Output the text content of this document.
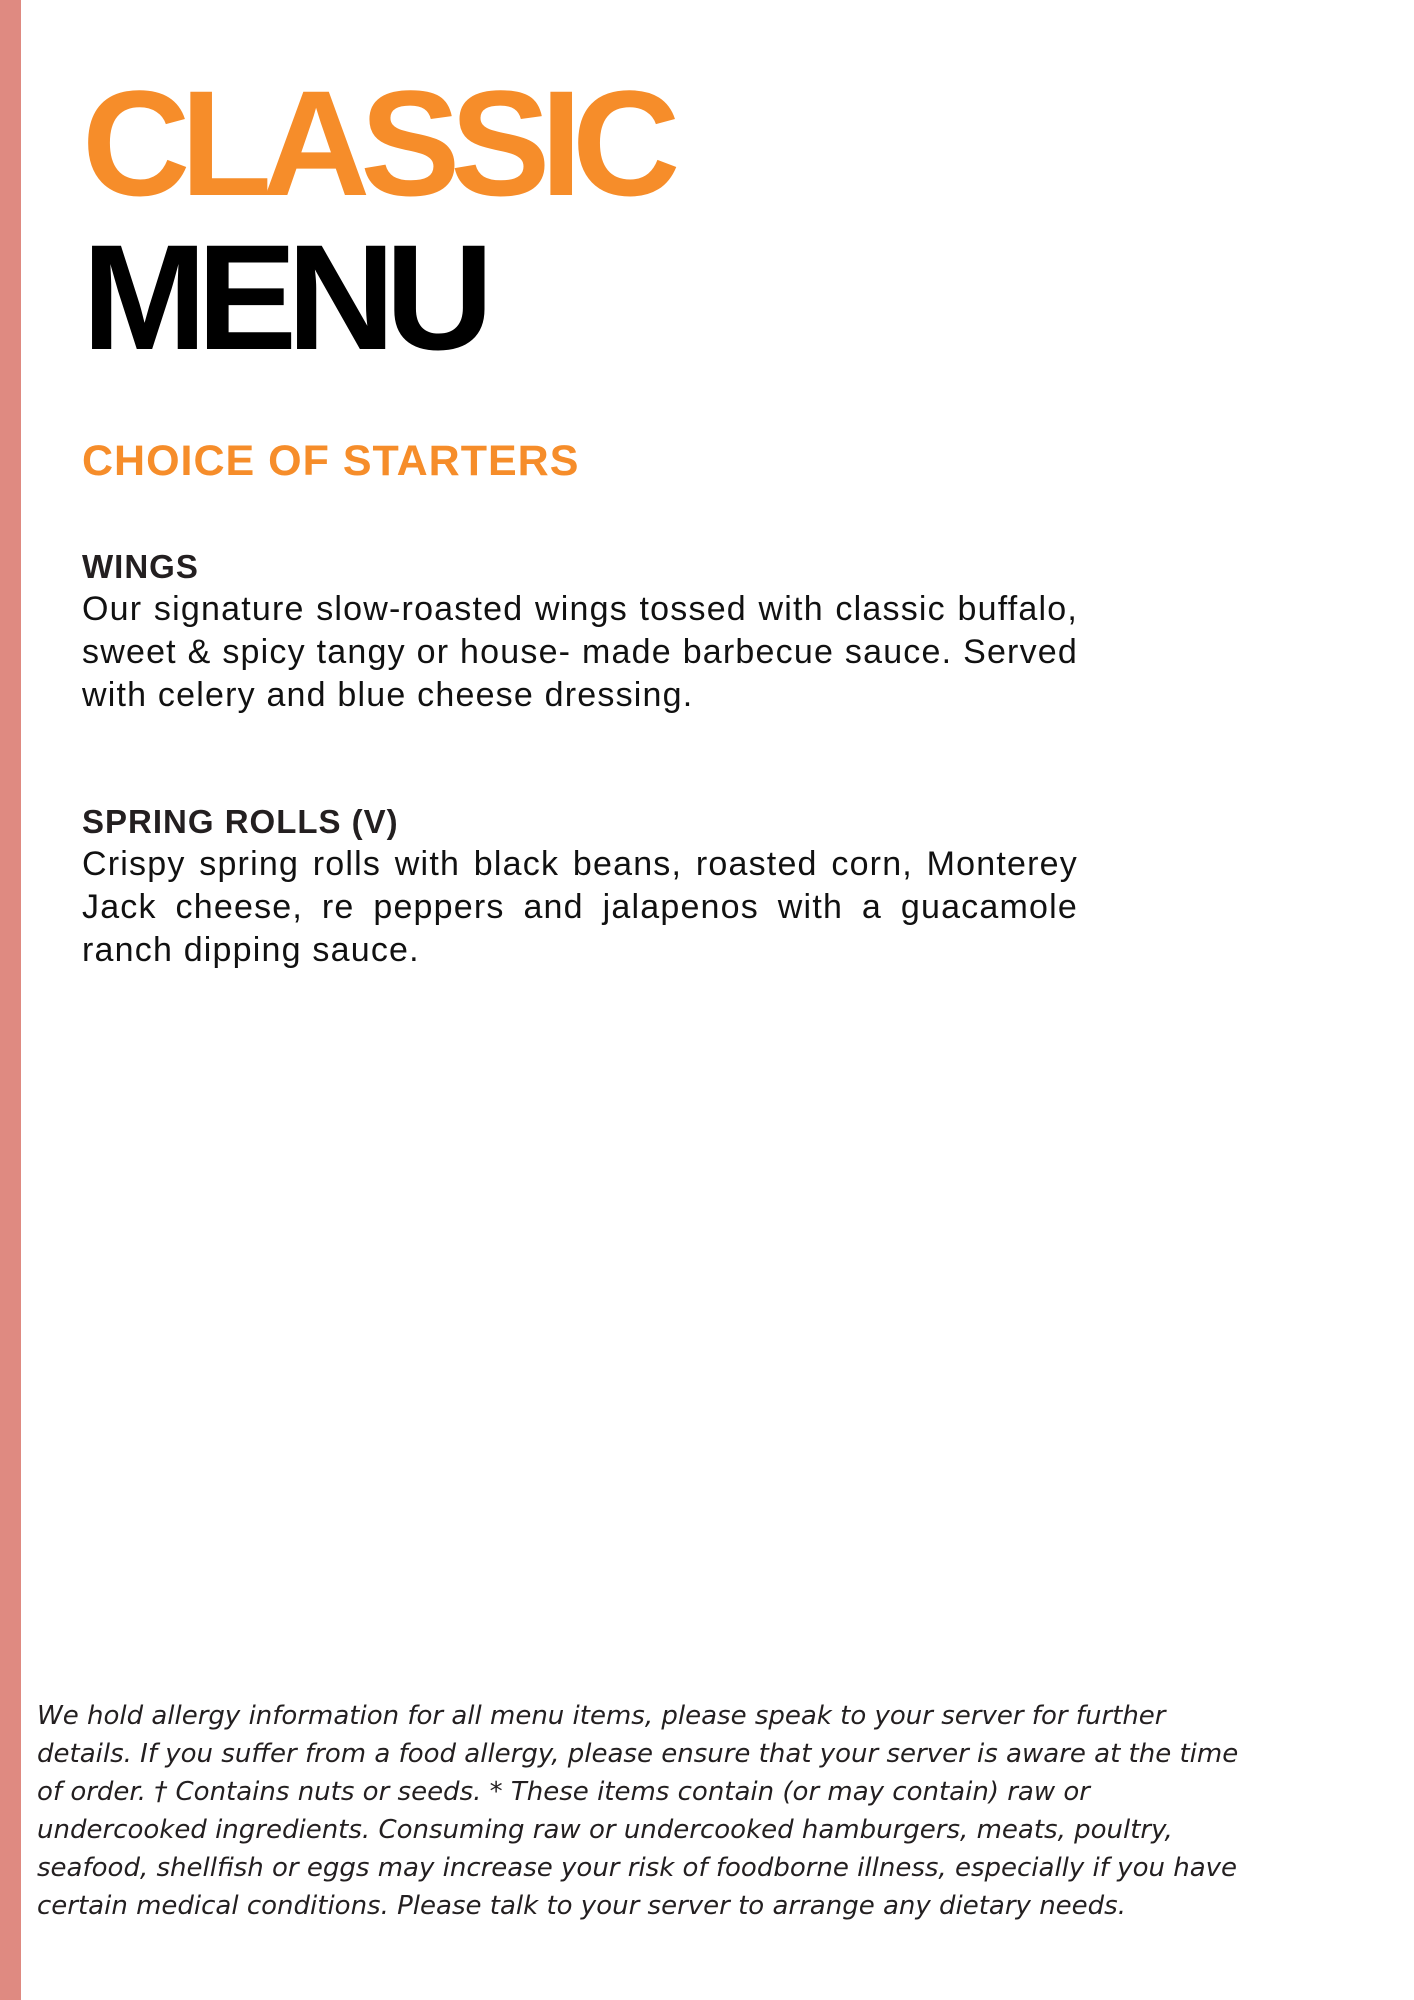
CLASSIC
MENU
CHOICE OF STARTERS
WINGS

Our signature slow-roasted wings tossed with classic buffalo, sweet & spicy tangy or house- made barbecue sauce. Served with celery and blue cheese dressing.

SPRING ROLLS (V)

Crispy spring rolls with black beans, roasted corn, Monterey Jack cheese, re peppers and jalapenos with a guacamole ranch dipping sauce.

We hold allergy information for all menu items, please speak to your server for further
details. If you suffer from a food allergy, please ensure that your server is aware at the time
of order. † Contains nuts or seeds. * These items contain (or may contain) raw or
undercooked ingredients. Consuming raw or undercooked hamburgers, meats, poultry,
seafood, shellfish or eggs may increase your risk of foodborne illness, especially if you have
certain medical conditions. Please talk to your server to arrange any dietary needs.
